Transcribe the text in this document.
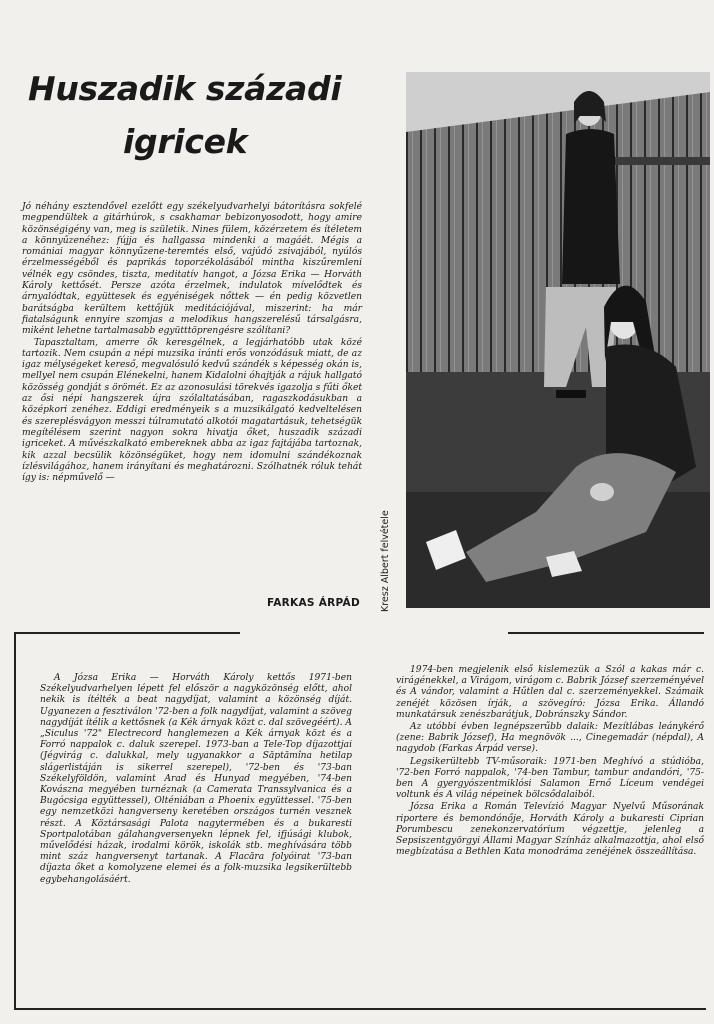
Huszadik századi
igricek

Jó néhány esztendővel ezelőtt egy székelyudvarhelyi bátorításra sokfelé megpendültek a gitárhúrok, s csakhamar bebizonyosodott, hogy amire közönségigény van, meg is születik. Nines fülem, közérzetem és ítéletem a könnyűzenéhez: fújja és hallgassa mindenki a magáét. Mégis a romániai magyar könnyűzene-teremtés első, vajúdó zsivajából, nyúlós érzelmességéből és paprikás toporzékolásából mintha kiszűremleni vélnék egy csöndes, tiszta, meditatív hangot, a Józsa Erika — Horváth Károly kettősét. Persze azóta érzelmek, indulatok mívelődtek és árnyalódtak, együttesek és egyéniségek nőttek — én pedig közvetlen barátságba kerültem kettőjük meditációjával, miszerint: ha már fiatalságunk ennyire szomjas a melodikus hangszerelésű társalgásra, miként lehetne tartalmasabb együtttöprengésre szólítani?

Tapasztaltam, amerre ők keresgélnek, a legjárhatóbb utak közé tartozik. Nem csupán a népi muzsika iránti erős vonzódásuk miatt, de az igaz mélységeket kereső, megvalósuló kedvű szándék s képesség okán is, mellyel nem csupán Elénekelni, hanem Kidalolni óhajtják a rájuk hallgató közösség gondját s örömét. Ez az azonosulási törekvés igazolja s fűti őket az ősi népi hangszerek újra szólaltatásában, ragaszkodásukban a középkori zenéhez. Eddigi eredményeik s a muzsikálgató kedveltelésen és szereplésvágyon messzi túlramutató alkotói magatartásuk, tehetségük megítélésem szerint nagyon sokra hivatja őket, huszadik századi igriceket. A művészkalkató embereknek abba az igaz fajtájába tartoznak, kik azzal becsülik közönségüket, hogy nem idomulni szándékoznak ízlésvilágához, hanem irányítani és meghatározni. Szólhatnék róluk tehát így is: népművelő —

FARKAS ÁRPÁD Kresz Albert felvétele

A Józsa Erika — Horváth Károly kettős 1971-ben Székelyudvarhelyen lépett fel először a nagyközönség előtt, ahol nekik is ítélték a beat nagydíjat, valamint a közönség díját. Ugyanezen a fesztiválon '72-ben a folk nagydíjat, valamint a szöveg nagydíját ítélik a kettősnek (a Kék árnyak közt c. dal szövegéért). A „Siculus '72" Electrecord hanglemezen a Kék árnyak közt és a Forró nappalok c. daluk szerepel. 1973-ban a Tele-Top díjazottjai (Jégvirág c. dalukkal, mely ugyanakkor a Săptămîna hetilap slágerlistáján is sikerrel szerepel), '72-ben és '73-ban Székelyföldön, valamint Arad és Hunyad megyében, '74-ben Kovászna megyében turnéznak (a Camerata Transsylvanica és a Bugócsiga együttessel), Olténiában a Phoenix együttessel. '75-ben egy nemzetközi hangverseny keretében országos turnén vesznek részt. A Köztársasági Palota nagytermében és a bukaresti Sportpalotában gálahangversenyekn lépnek fel, ifjúsági klubok, művelődési házak, irodalmi körök, iskolák stb. meghívására több mint száz hangversenyt tartanak. A Flacăra folyóirat '73-ban díjazta őket a komolyzene elemei és a folk-muzsika legsikerültebb egybehangolásáért.

1974-ben megjelenik első kislemezük a Szól a kakas már c. virágénekkel, a Virágom, virágom c. Babrik József szerzeményével és A vándor, valamint a Hűtlen dal c. szerzeményekkel. Számaik zenéjét közösen írják, a szövegíró: Józsa Erika. Állandó munkatársuk zenészbarátjuk, Dobránszky Sándor.

Az utóbbi évben legnépszerűbb dalaik: Mezítlábas leánykérő (zene: Babrik József), Ha megnövök ..., Cinegemadár (népdal), A nagydob (Farkas Árpád verse).

Legsikerültebb TV-műsoraik: 1971-ben Meghívó a stúdióba, '72-ben Forró nappalok, '74-ben Tambur, tambur andandóri, '75-ben A gyergyószentmiklósi Salamon Ernő Líceum vendégei voltunk és A világ népeinek bölcsődalaiból.

Józsa Erika a Román Televízió Magyar Nyelvű Műsorának riportere és bemondónője, Horváth Károly a bukaresti Ciprian Porumbescu zenekonzervatórium végzettje, jelenleg a Sepsiszentgyörgyi Állami Magyar Színház alkalmazottja, ahol első megbízatása a Bethlen Kata monodráma zenéjének összeállítása.
